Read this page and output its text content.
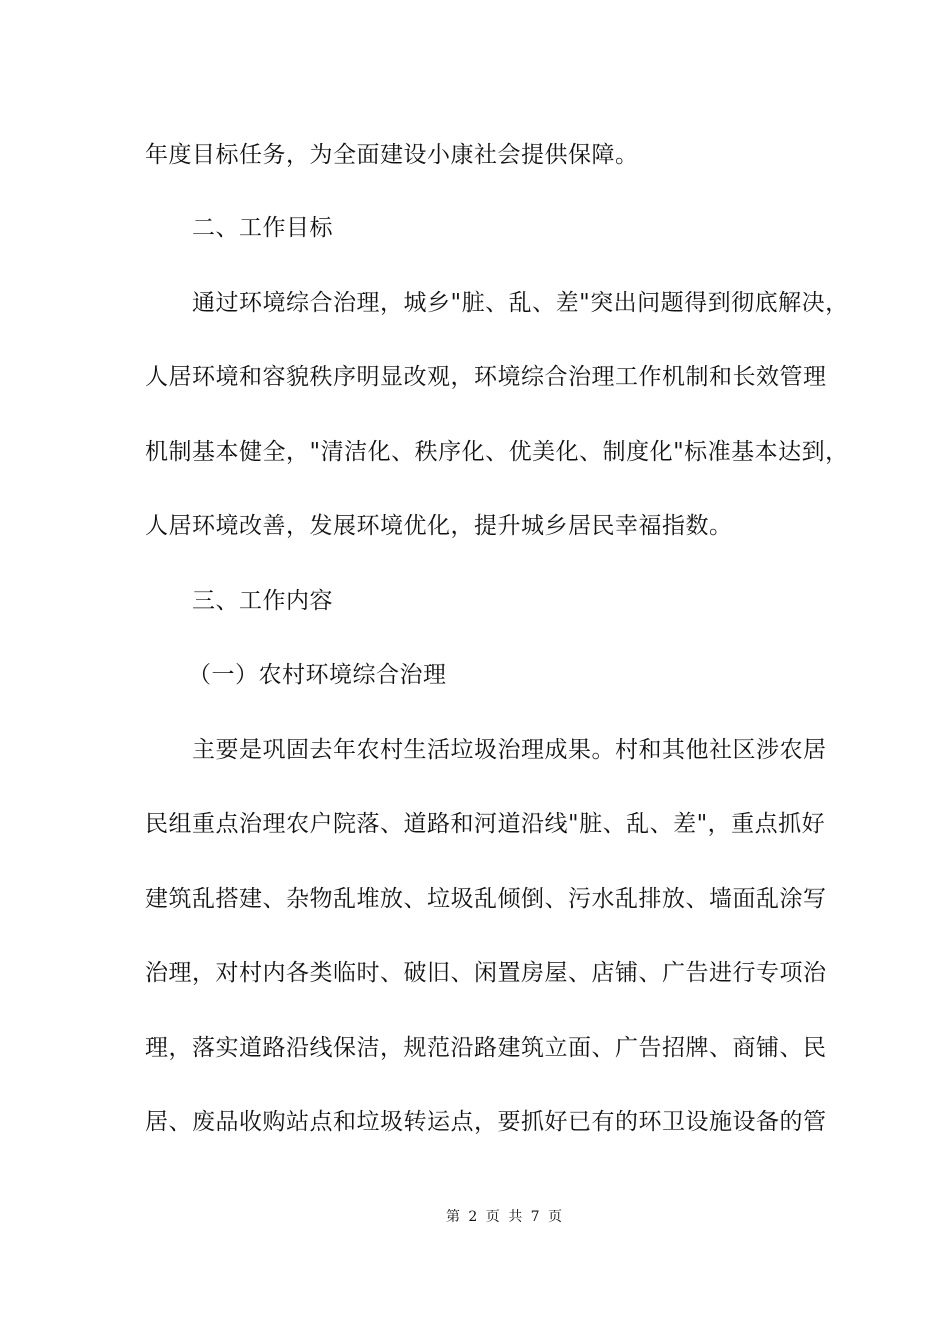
年度目标任务，为全面建设小康社会提供保障。
二、工作目标
通过环境综合治理，城乡"脏、乱、差"突出问题得到彻底解决，
人居环境和容貌秩序明显改观，环境综合治理工作机制和长效管理
机制基本健全，"清洁化、秩序化、优美化、制度化"标准基本达到，
人居环境改善，发展环境优化，提升城乡居民幸福指数。
三、工作内容
（一）农村环境综合治理
主要是巩固去年农村生活垃圾治理成果。村和其他社区涉农居
民组重点治理农户院落、道路和河道沿线"脏、乱、差"，重点抓好
建筑乱搭建、杂物乱堆放、垃圾乱倾倒、污水乱排放、墙面乱涂写
治理，对村内各类临时、破旧、闲置房屋、店铺、广告进行专项治
理，落实道路沿线保洁，规范沿路建筑立面、广告招牌、商铺、民
居、废品收购站点和垃圾转运点，要抓好已有的环卫设施设备的管
第 2 页 共 7 页
